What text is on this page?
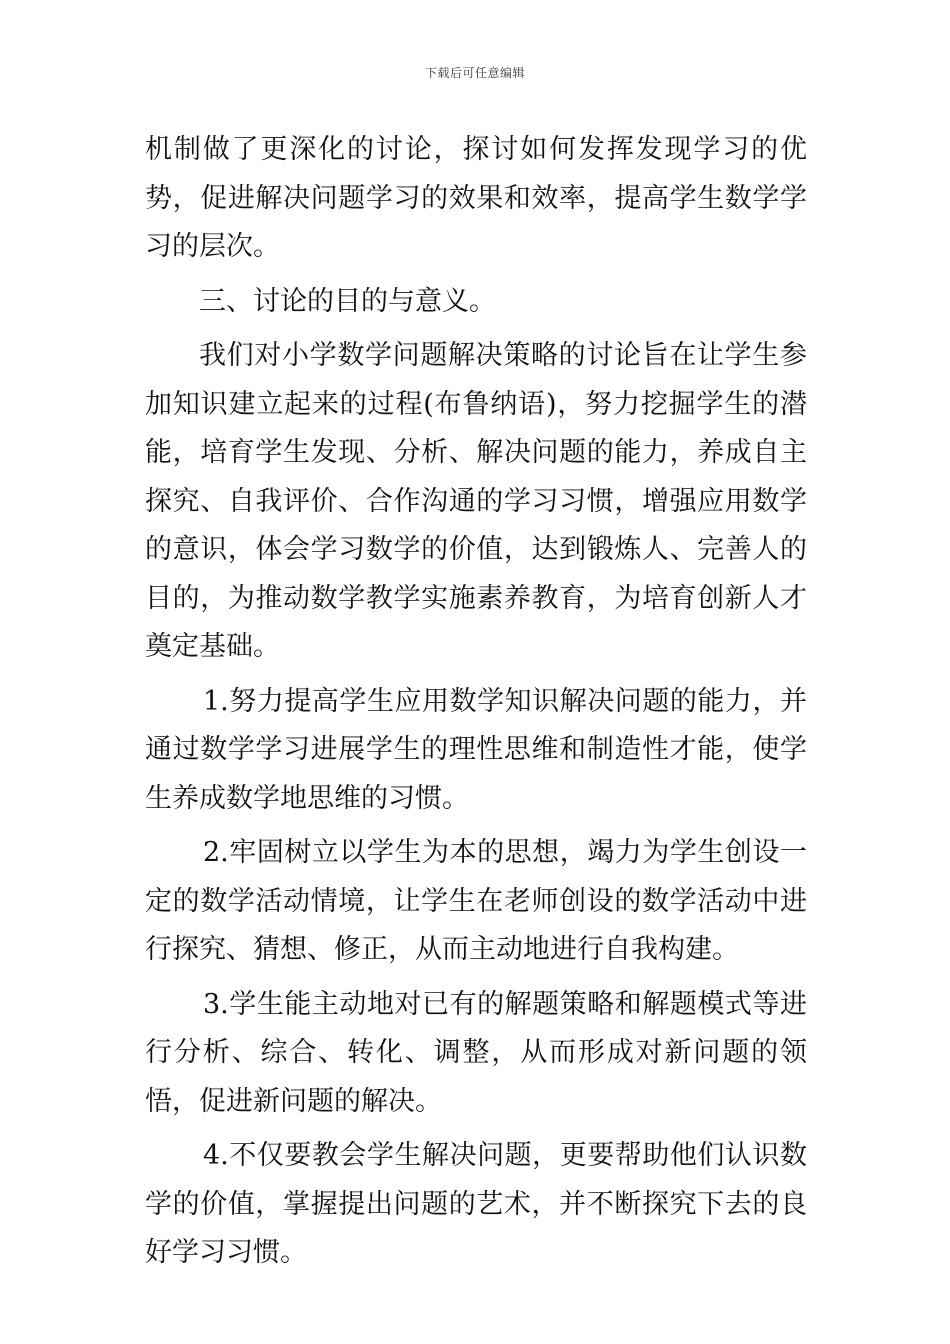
下载后可任意编辑

机制做了更深化的讨论，探讨如何发挥发现学习的优势，促进解决问题学习的效果和效率，提高学生数学学习的层次。

三、讨论的目的与意义。

我们对小学数学问题解决策略的讨论旨在让学生参加知识建立起来的过程(布鲁纳语)，努力挖掘学生的潜能，培育学生发现、分析、解决问题的能力，养成自主探究、自我评价、合作沟通的学习习惯，增强应用数学的意识，体会学习数学的价值，达到锻炼人、完善人的目的，为推动数学教学实施素养教育，为培育创新人才奠定基础。

1.努力提高学生应用数学知识解决问题的能力，并通过数学学习进展学生的理性思维和制造性才能，使学生养成数学地思维的习惯。

2.牢固树立以学生为本的思想，竭力为学生创设一定的数学活动情境，让学生在老师创设的数学活动中进行探究、猜想、修正，从而主动地进行自我构建。

3.学生能主动地对已有的解题策略和解题模式等进行分析、综合、转化、调整，从而形成对新问题的领悟，促进新问题的解决。

4.不仅要教会学生解决问题，更要帮助他们认识数学的价值，掌握提出问题的艺术，并不断探究下去的良好学习习惯。
